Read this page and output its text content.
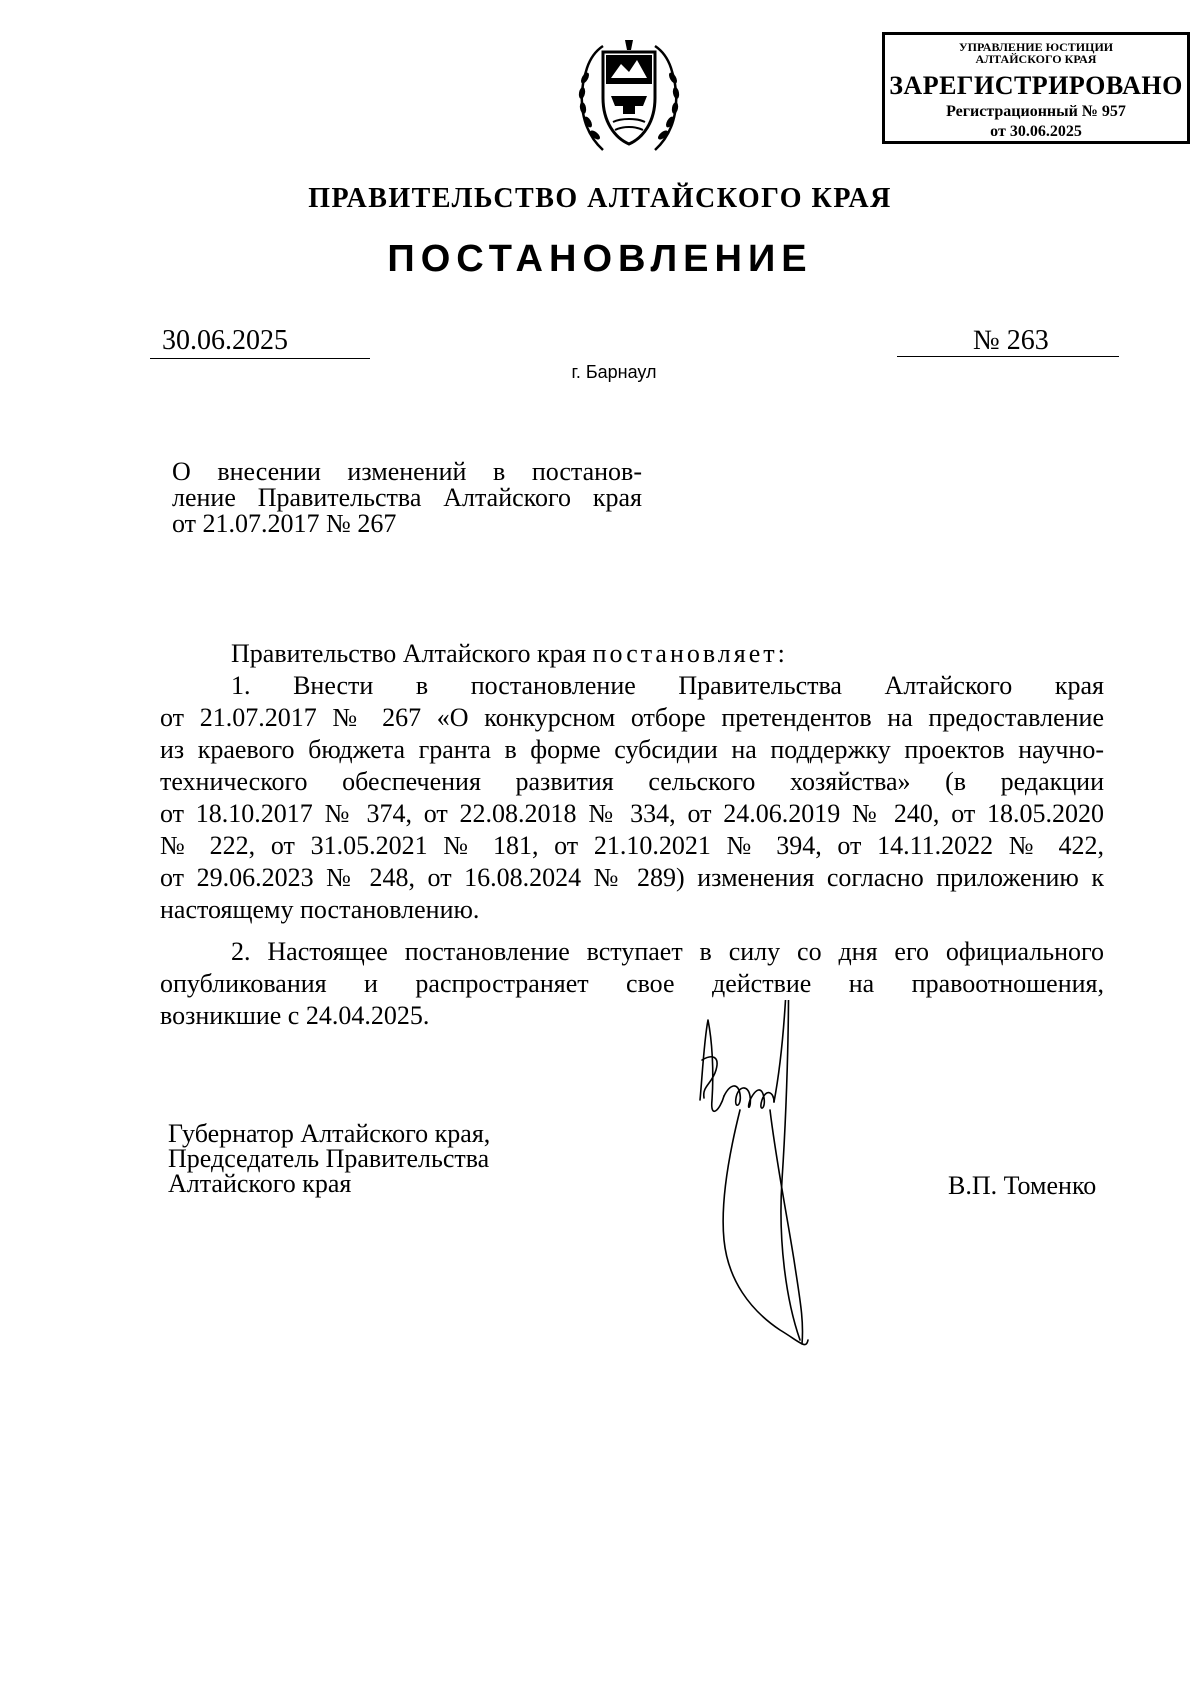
УПРАВЛЕНИЕ ЮСТИЦИИ
АЛТАЙСКОГО КРАЯ
ЗАРЕГИСТРИРОВАНО
Регистрационный № 957
от 30.06.2025
ПРАВИТЕЛЬСТВО АЛТАЙСКОГО КРАЯ
ПОСТАНОВЛЕНИЕ
30.06.2025	№ 263
г. Барнаул
О внесении изменений в постанов-
ление Правительства Алтайского края
от 21.07.2017 № 267
Правительство Алтайского края постановляет:
1. Внести в постановление Правительства Алтайского края
от 21.07.2017 № 267 «О конкурсном отборе претендентов на предоставление
из краевого бюджета гранта в форме субсидии на поддержку проектов научно-
технического обеспечения развития сельского хозяйства» (в редакции
от 18.10.2017 № 374, от 22.08.2018 № 334, от 24.06.2019 № 240, от 18.05.2020
№ 222, от 31.05.2021 № 181, от 21.10.2021 № 394, от 14.11.2022 № 422,
от 29.06.2023 № 248, от 16.08.2024 № 289) изменения согласно приложению к
настоящему постановлению.
2. Настоящее постановление вступает в силу со дня его официального
опубликования и распространяет свое действие на правоотношения,
возникшие с 24.04.2025.
Губернатор Алтайского края,
Председатель Правительства
Алтайского края	В.П. Томенко
